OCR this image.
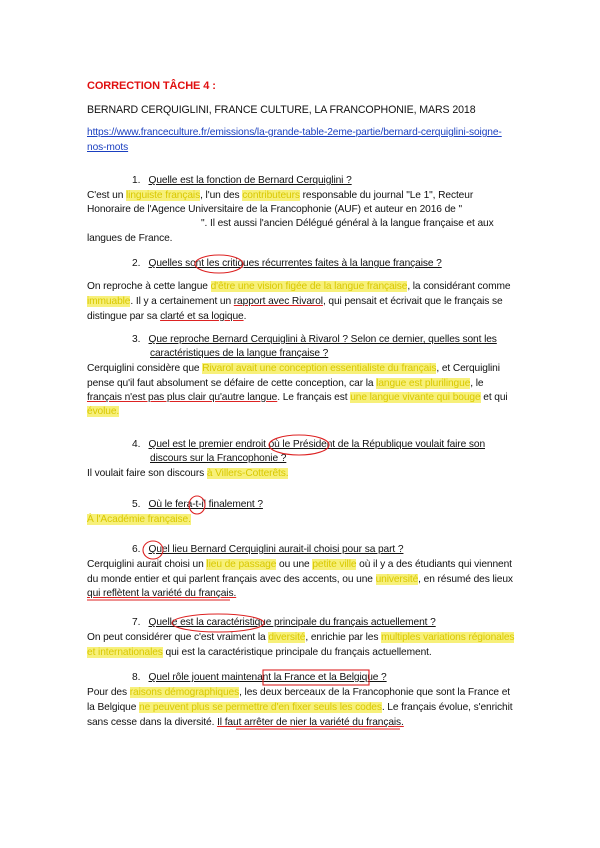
CORRECTION TÂCHE 4 :
BERNARD CERQUIGLINI, FRANCE CULTURE, LA FRANCOPHONIE, MARS 2018
https://www.franceculture.fr/emissions/la-grande-table-2eme-partie/bernard-cerquiglini-soigne-
nos-mots
1. Quelle est la fonction de Bernard Cerquiglini ?
C'est un linguiste français, l'un des contributeurs responsable du journal "Le 1", Recteur
Honoraire de l'Agence Universitaire de la Francophonie (AUF) et auteur en 2016 de "
". Il est aussi l'ancien Délégué général à la langue française et aux
langues de France.
2. Quelles sont les critiques récurrentes faites à la langue française ?
On reproche à cette langue d'être une vision figée de la langue française, la considérant comme
immuable. Il y a certainement un rapport avec Rivarol, qui pensait et écrivait que le français se
distingue par sa clarté et sa logique.
3. Que reproche Bernard Cerquiglini à Rivarol ? Selon ce dernier, quelles sont les
caractéristiques de la langue française ?
Cerquiglini considère que Rivarol avait une conception essentialiste du français, et Cerquiglini
pense qu'il faut absolument se défaire de cette conception, car la langue est plurilingue, le
français n'est pas plus clair qu'autre langue. Le français est une langue vivante qui bouge et qui
évolue.
4. Quel est le premier endroit où le Président de la République voulait faire son
discours sur la Francophonie ?
Il voulait faire son discours à Villers-Cotterêts.
5. Où le fera-t-il finalement ?
À l'Académie française.
6. Quel lieu Bernard Cerquiglini aurait-il choisi pour sa part ?
Cerquiglini aurait choisi un lieu de passage ou une petite ville où il y a des étudiants qui viennent
du monde entier et qui parlent français avec des accents, ou une université, en résumé des lieux
qui reflètent la variété du français.
7. Quelle est la caractéristique principale du français actuellement ?
On peut considérer que c'est vraiment la diversité, enrichie par les multiples variations régionales
et internationales qui est la caractéristique principale du français actuellement.
8. Quel rôle jouent maintenant la France et la Belgique ?
Pour des raisons démographiques, les deux berceaux de la Francophonie que sont la France et
la Belgique ne peuvent plus se permettre d'en fixer seuls les codes. Le français évolue, s'enrichit
sans cesse dans la diversité. Il faut arrêter de nier la variété du français.
